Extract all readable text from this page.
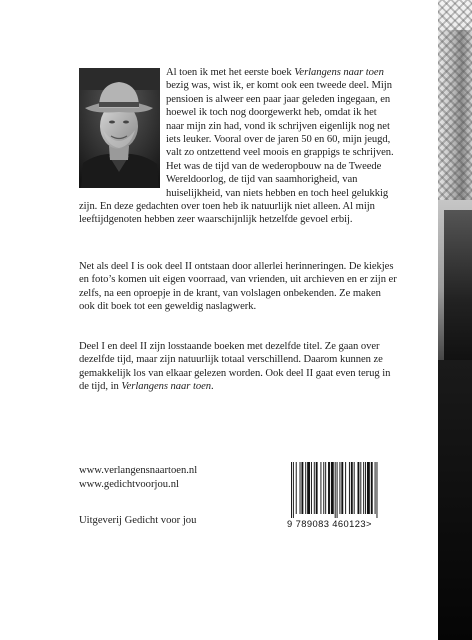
Al toen ik met het eerste boek Verlangens naar toen bezig was, wist ik, er komt ook een tweede deel. Mijn pensioen is alweer een paar jaar geleden ingegaan, en hoewel ik toch nog doorgewerkt heb, omdat ik het naar mijn zin had, vond ik schrijven eigenlijk nog net iets leuker. Vooral over de jaren 50 en 60, mijn jeugd, valt zo ontzettend veel moois en grappigs te schrijven. Het was de tijd van de wederopbouw na de Tweede Wereldoorlog, de tijd van saamhorigheid, van huiselijkheid, van niets hebben en toch heel gelukkig zijn. En deze gedachten over toen heb ik natuurlijk niet alleen. Al mijn leeftijdgenoten hebben zeer waarschijnlijk hetzelfde gevoel erbij.

Net als deel I is ook deel II ontstaan door allerlei herinneringen. De kiekjes en foto’s komen uit eigen voorraad, van vrienden, uit archieven en er zijn er zelfs, na een oproepje in de krant, van volslagen onbekenden. Ze maken ook dit boek tot een geweldig naslagwerk.

Deel I en deel II zijn losstaande boeken met dezelfde titel. Ze gaan over dezelfde tijd, maar zijn natuurlijk totaal verschillend. Daarom kunnen ze gemakkelijk los van elkaar gelezen worden. Ook deel II gaat even terug in de tijd, in Verlangens naar toen.

www.verlangensnaartoen.nl
www.gedichtvoorjou.nl
Uitgeverij Gedicht voor jou	9 789083 460123>
